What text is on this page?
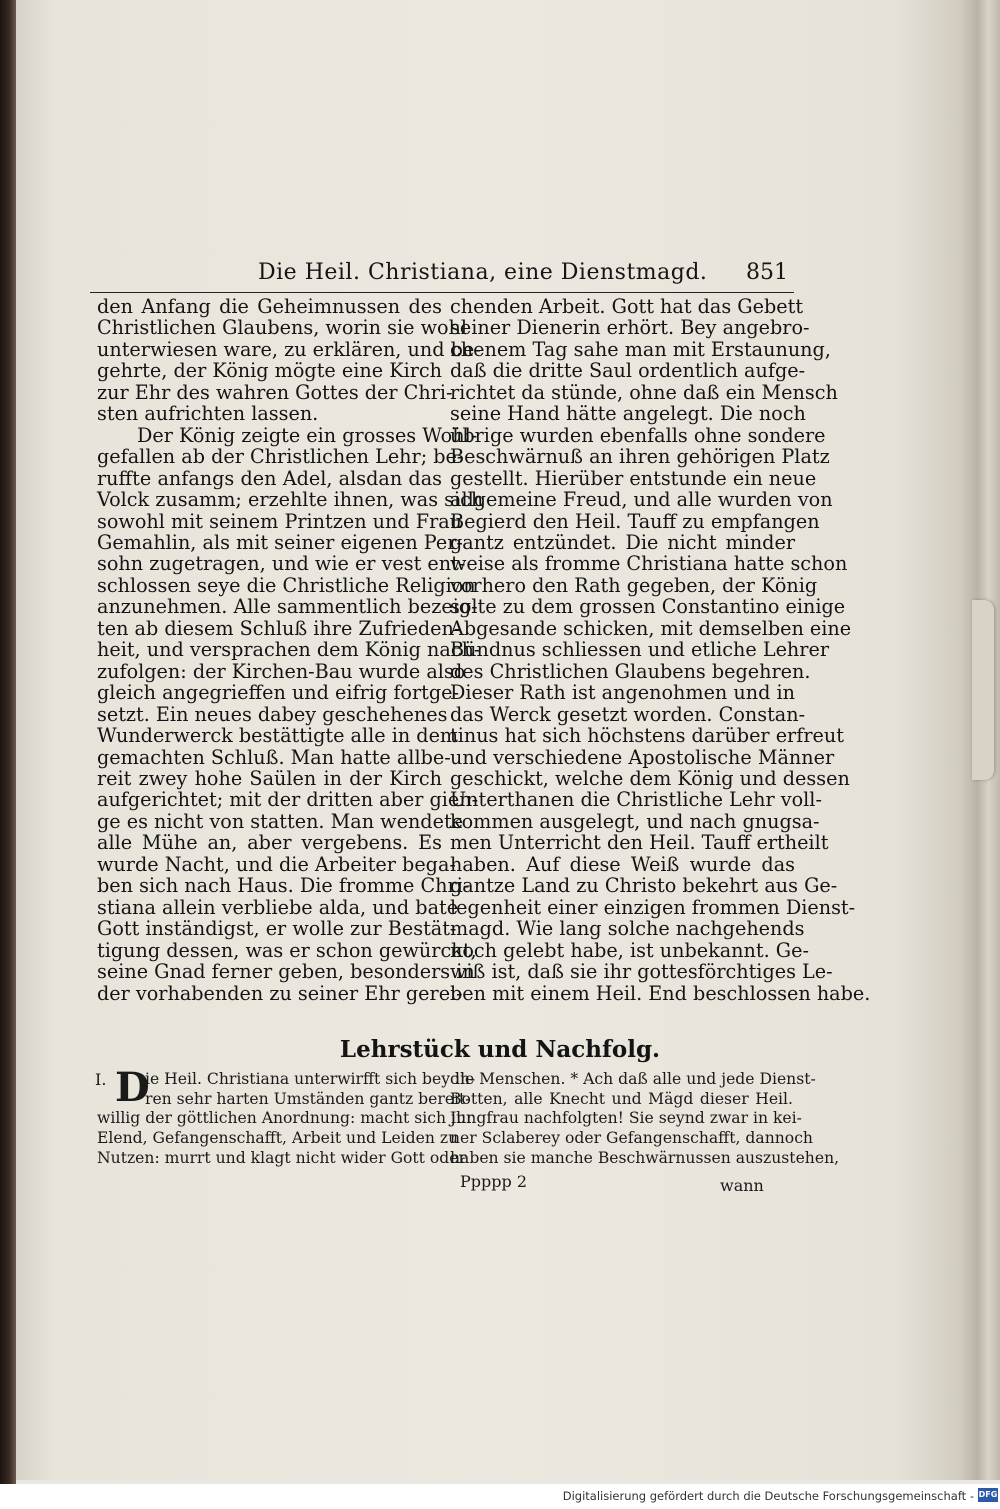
Die Heil. Christiana, eine Dienstmagd. 851
den Anfang die Geheimnussen des
Christlichen Glaubens, worin sie wohl
unterwiesen ware, zu erklären, und be-
gehrte, der König mögte eine Kirch
zur Ehr des wahren Gottes der Chri-
sten aufrichten lassen.
Der König zeigte ein grosses Wohl-
gefallen ab der Christlichen Lehr; be-
ruffte anfangs den Adel, alsdan das
Volck zusamm; erzehlte ihnen, was sich
sowohl mit seinem Printzen und Frau
Gemahlin, als mit seiner eigenen Per-
sohn zugetragen, und wie er vest ent-
schlossen seye die Christliche Religion
anzunehmen. Alle sammentlich bezeig-
ten ab diesem Schluß ihre Zufrieden-
heit, und versprachen dem König nach-
zufolgen: der Kirchen-Bau wurde also
gleich angegrieffen und eifrig fortge-
setzt. Ein neues dabey geschehenes
Wunderwerck bestättigte alle in dem
gemachten Schluß. Man hatte allbe-
reit zwey hohe Saülen in der Kirch
aufgerichtet; mit der dritten aber gien-
ge es nicht von statten. Man wendete
alle Mühe an, aber vergebens. Es
wurde Nacht, und die Arbeiter bega-
ben sich nach Haus. Die fromme Chri-
stiana allein verbliebe alda, und bate
Gott inständigst, er wolle zur Bestät-
tigung dessen, was er schon gewürckt,
seine Gnad ferner geben, besonders in
der vorhabenden zu seiner Ehr gerei-
chenden Arbeit. Gott hat das Gebett
seiner Dienerin erhört. Bey angebro-
chenem Tag sahe man mit Erstaunung,
daß die dritte Saul ordentlich aufge-
richtet da stünde, ohne daß ein Mensch
seine Hand hätte angelegt. Die noch
übrige wurden ebenfalls ohne sondere
Beschwärnuß an ihren gehörigen Platz
gestellt. Hierüber entstunde ein neue
allgemeine Freud, und alle wurden von
Begierd den Heil. Tauff zu empfangen
gantz entzündet. Die nicht minder
weise als fromme Christiana hatte schon
vorhero den Rath gegeben, der König
solte zu dem grossen Constantino einige
Abgesande schicken, mit demselben eine
Bündnus schliessen und etliche Lehrer
des Christlichen Glaubens begehren.
Dieser Rath ist angenohmen und in
das Werck gesetzt worden. Constan-
tinus hat sich höchstens darüber erfreut
und verschiedene Apostolische Männer
geschickt, welche dem König und dessen
Unterthanen die Christliche Lehr voll-
kommen ausgelegt, und nach gnugsa-
men Unterricht den Heil. Tauff ertheilt
haben. Auf diese Weiß wurde das
gantze Land zu Christo bekehrt aus Ge-
legenheit einer einzigen frommen Dienst-
magd. Wie lang solche nachgehends
noch gelebt habe, ist unbekannt. Ge-
wiß ist, daß sie ihr gottesförchtiges Le-
ben mit einem Heil. End beschlossen habe.
Lehrstück und Nachfolg.
I. D
ie Heil. Christiana unterwirfft sich bey ih-
ren sehr harten Umständen gantz bereit-
willig der göttlichen Anordnung: macht sich ihr
Elend, Gefangenschafft, Arbeit und Leiden zu
Nutzen: murrt und klagt nicht wider Gott oder
die Menschen. * Ach daß alle und jede Dienst-
Botten, alle Knecht und Mägd dieser Heil.
Jungfrau nachfolgten! Sie seynd zwar in kei-
ner Sclaberey oder Gefangenschafft, dannoch
haben sie manche Beschwärnussen auszustehen,
Ppppp 2	wann
Digitalisierung gefördert durch die Deutsche Forschungsgemeinschaft - DFG
